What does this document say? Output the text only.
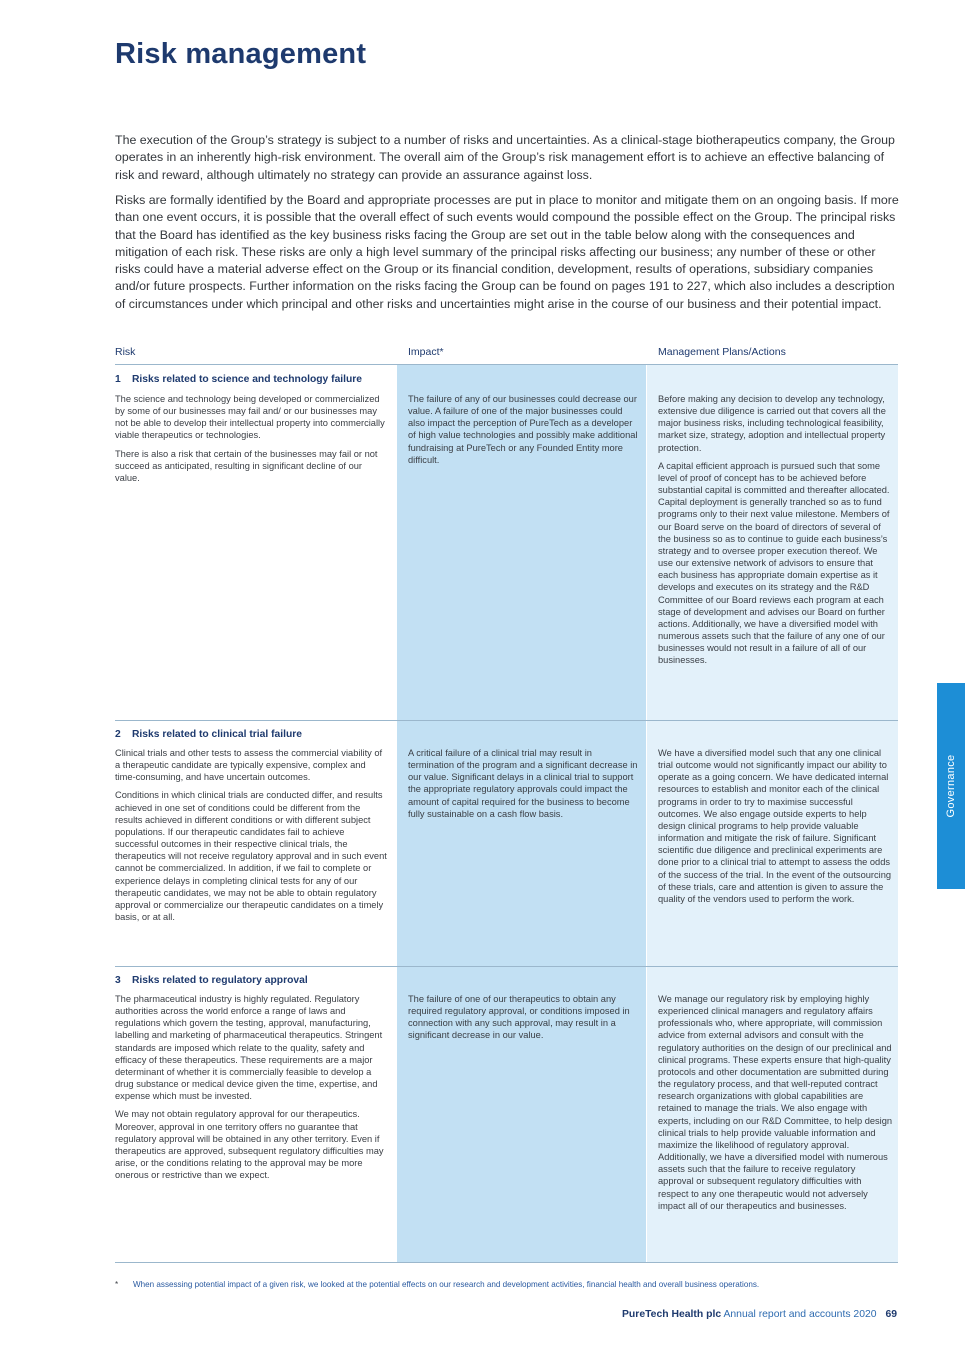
Risk management

The execution of the Group’s strategy is subject to a number of risks and uncertainties. As a clinical-stage biotherapeutics company, the Group operates in an inherently high-risk environment. The overall aim of the Group’s risk management effort is to achieve an effective balancing of risk and reward, although ultimately no strategy can provide an assurance against loss.

Risks are formally identified by the Board and appropriate processes are put in place to monitor and mitigate them on an ongoing basis. If more than one event occurs, it is possible that the overall effect of such events would compound the possible effect on the Group. The principal risks that the Board has identified as the key business risks facing the Group are set out in the table below along with the consequences and mitigation of each risk. These risks are only a high level summary of the principal risks affecting our business; any number of these or other risks could have a material adverse effect on the Group or its financial condition, development, results of operations, subsidiary companies and/or future prospects. Further information on the risks facing the Group can be found on pages 191 to 227, which also includes a description of circumstances under which principal and other risks and uncertainties might arise in the course of our business and their potential impact.

Risk	Impact*	Management Plans/Actions
1 Risks related to science and technology failure

The science and technology being developed or commercialized by some of our businesses may fail and/ or our businesses may not be able to develop their intellectual property into commercially viable therapeutics or technologies.

There is also a risk that certain of the businesses may fail or not succeed as anticipated, resulting in significant decline of our value.

The failure of any of our businesses could decrease our value. A failure of one of the major businesses could also impact the perception of PureTech as a developer of high value technologies and possibly make additional fundraising at PureTech or any Founded Entity more difficult.

Before making any decision to develop any technology, extensive due diligence is carried out that covers all the major business risks, including technological feasibility, market size, strategy, adoption and intellectual property protection.

A capital efficient approach is pursued such that some level of proof of concept has to be achieved before substantial capital is committed and thereafter allocated. Capital deployment is generally tranched so as to fund programs only to their next value milestone. Members of our Board serve on the board of directors of several of the business so as to continue to guide each business’s strategy and to oversee proper execution thereof. We use our extensive network of advisors to ensure that each business has appropriate domain expertise as it develops and executes on its strategy and the R&D Committee of our Board reviews each program at each stage of development and advises our Board on further actions. Additionally, we have a diversified model with numerous assets such that the failure of any one of our businesses would not result in a failure of all of our businesses.

2 Risks related to clinical trial failure

Clinical trials and other tests to assess the commercial viability of a therapeutic candidate are typically expensive, complex and time-consuming, and have uncertain outcomes.

Conditions in which clinical trials are conducted differ, and results achieved in one set of conditions could be different from the results achieved in different conditions or with different subject populations. If our therapeutic candidates fail to achieve successful outcomes in their respective clinical trials, the therapeutics will not receive regulatory approval and in such event cannot be commercialized. In addition, if we fail to complete or experience delays in completing clinical tests for any of our therapeutic candidates, we may not be able to obtain regulatory approval or commercialize our therapeutic candidates on a timely basis, or at all.

A critical failure of a clinical trial may result in termination of the program and a significant decrease in our value. Significant delays in a clinical trial to support the appropriate regulatory approvals could impact the amount of capital required for the business to become fully sustainable on a cash flow basis.

We have a diversified model such that any one clinical trial outcome would not significantly impact our ability to operate as a going concern. We have dedicated internal resources to establish and monitor each of the clinical programs in order to try to maximise successful outcomes. We also engage outside experts to help design clinical programs to help provide valuable information and mitigate the risk of failure. Significant scientific due diligence and preclinical experiments are done prior to a clinical trial to attempt to assess the odds of the success of the trial. In the event of the outsourcing of these trials, care and attention is given to assure the quality of the vendors used to perform the work.

3 Risks related to regulatory approval

The pharmaceutical industry is highly regulated. Regulatory authorities across the world enforce a range of laws and regulations which govern the testing, approval, manufacturing, labelling and marketing of pharmaceutical therapeutics. Stringent standards are imposed which relate to the quality, safety and efficacy of these therapeutics. These requirements are a major determinant of whether it is commercially feasible to develop a drug substance or medical device given the time, expertise, and expense which must be invested.

We may not obtain regulatory approval for our therapeutics. Moreover, approval in one territory offers no guarantee that regulatory approval will be obtained in any other territory. Even if therapeutics are approved, subsequent regulatory difficulties may arise, or the conditions relating to the approval may be more onerous or restrictive than we expect.

The failure of one of our therapeutics to obtain any required regulatory approval, or conditions imposed in connection with any such approval, may result in a significant decrease in our value.

We manage our regulatory risk by employing highly experienced clinical managers and regulatory affairs professionals who, where appropriate, will commission advice from external advisors and consult with the regulatory authorities on the design of our preclinical and clinical programs. These experts ensure that high-quality protocols and other documentation are submitted during the regulatory process, and that well-reputed contract research organizations with global capabilities are retained to manage the trials. We also engage with experts, including on our R&D Committee, to help design clinical trials to help provide valuable information and maximize the likelihood of regulatory approval. Additionally, we have a diversified model with numerous assets such that the failure to receive regulatory approval or subsequent regulatory difficulties with respect to any one therapeutic would not adversely impact all of our therapeutics and businesses.

* When assessing potential impact of a given risk, we looked at the potential effects on our research and development activities, financial health and overall business operations.
PureTech Health plc Annual report and accounts 2020 69
Governance
